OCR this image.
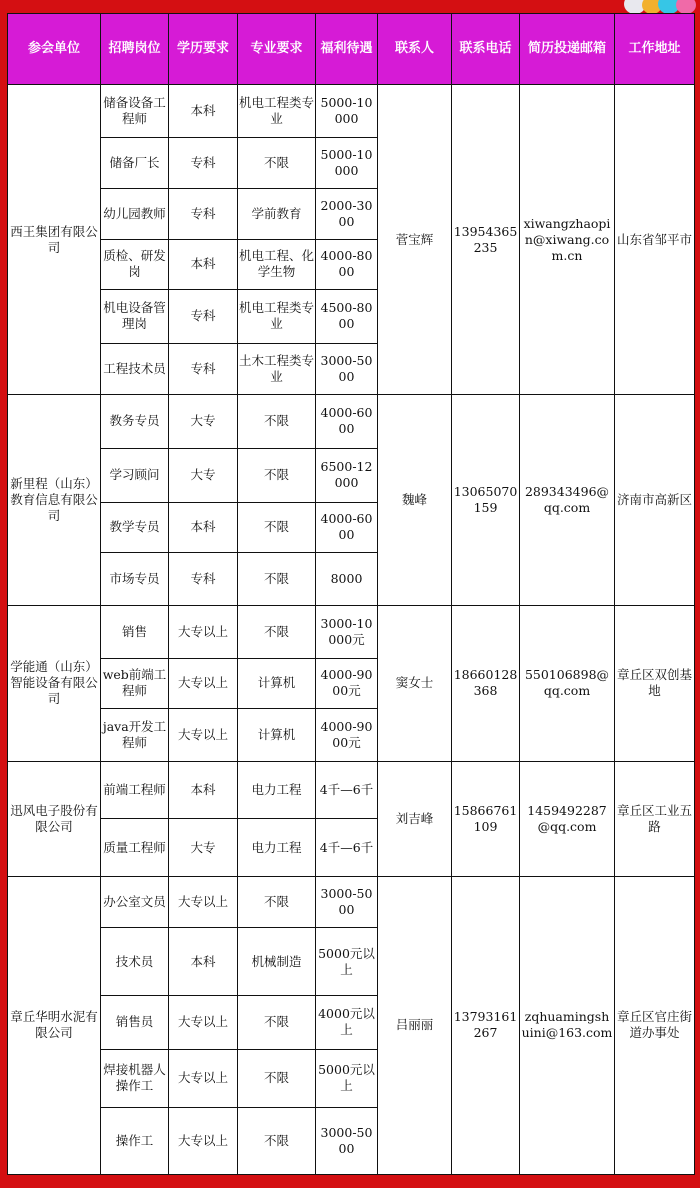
参会单位	招聘岗位	学历要求	专业要求	福利待遇	联系人	联系电话	简历投递邮箱	工作地址
西王集团有限公司	储备设备工程师	本科	机电工程类专业	5000-10000	菅宝辉	13954365235	xiwangzhaopin@xiwang.com.cn	山东省邹平市
	储备厂长	专科	不限	5000-10000				
	幼儿园教师	专科	学前教育	2000-3000				
	质检、研发岗	本科	机电工程、化学生物	4000-8000				
	机电设备管理岗	专科	机电工程类专业	4500-8000				
	工程技术员	专科	土木工程类专业	3000-5000				
新里程（山东）教育信息有限公司	教务专员	大专	不限	4000-6000	魏峰	13065070159	289343496@qq.com	济南市高新区
	学习顾问	大专	不限	6500-12000				
	教学专员	本科	不限	4000-6000				
	市场专员	专科	不限	8000				
学能通（山东）智能设备有限公司	销售	大专以上	不限	3000-10000元	窦女士	18660128368	550106898@qq.com	章丘区双创基地
	web前端工程师	大专以上	计算机	4000-9000元				
	java开发工程师	大专以上	计算机	4000-9000元				
迅风电子股份有限公司	前端工程师	本科	电力工程	4千—6千	刘吉峰	15866761109	1459492287@qq.com	章丘区工业五路
	质量工程师	大专	电力工程	4千—6千				
章丘华明水泥有限公司	办公室文员	大专以上	不限	3000-5000	吕丽丽	13793161267	zqhuamingshuini@163.com	章丘区官庄街道办事处
	技术员	本科	机械制造	5000元以上				
	销售员	大专以上	不限	4000元以上				
	焊接机器人操作工	大专以上	不限	5000元以上				
	操作工	大专以上	不限	3000-5000				
